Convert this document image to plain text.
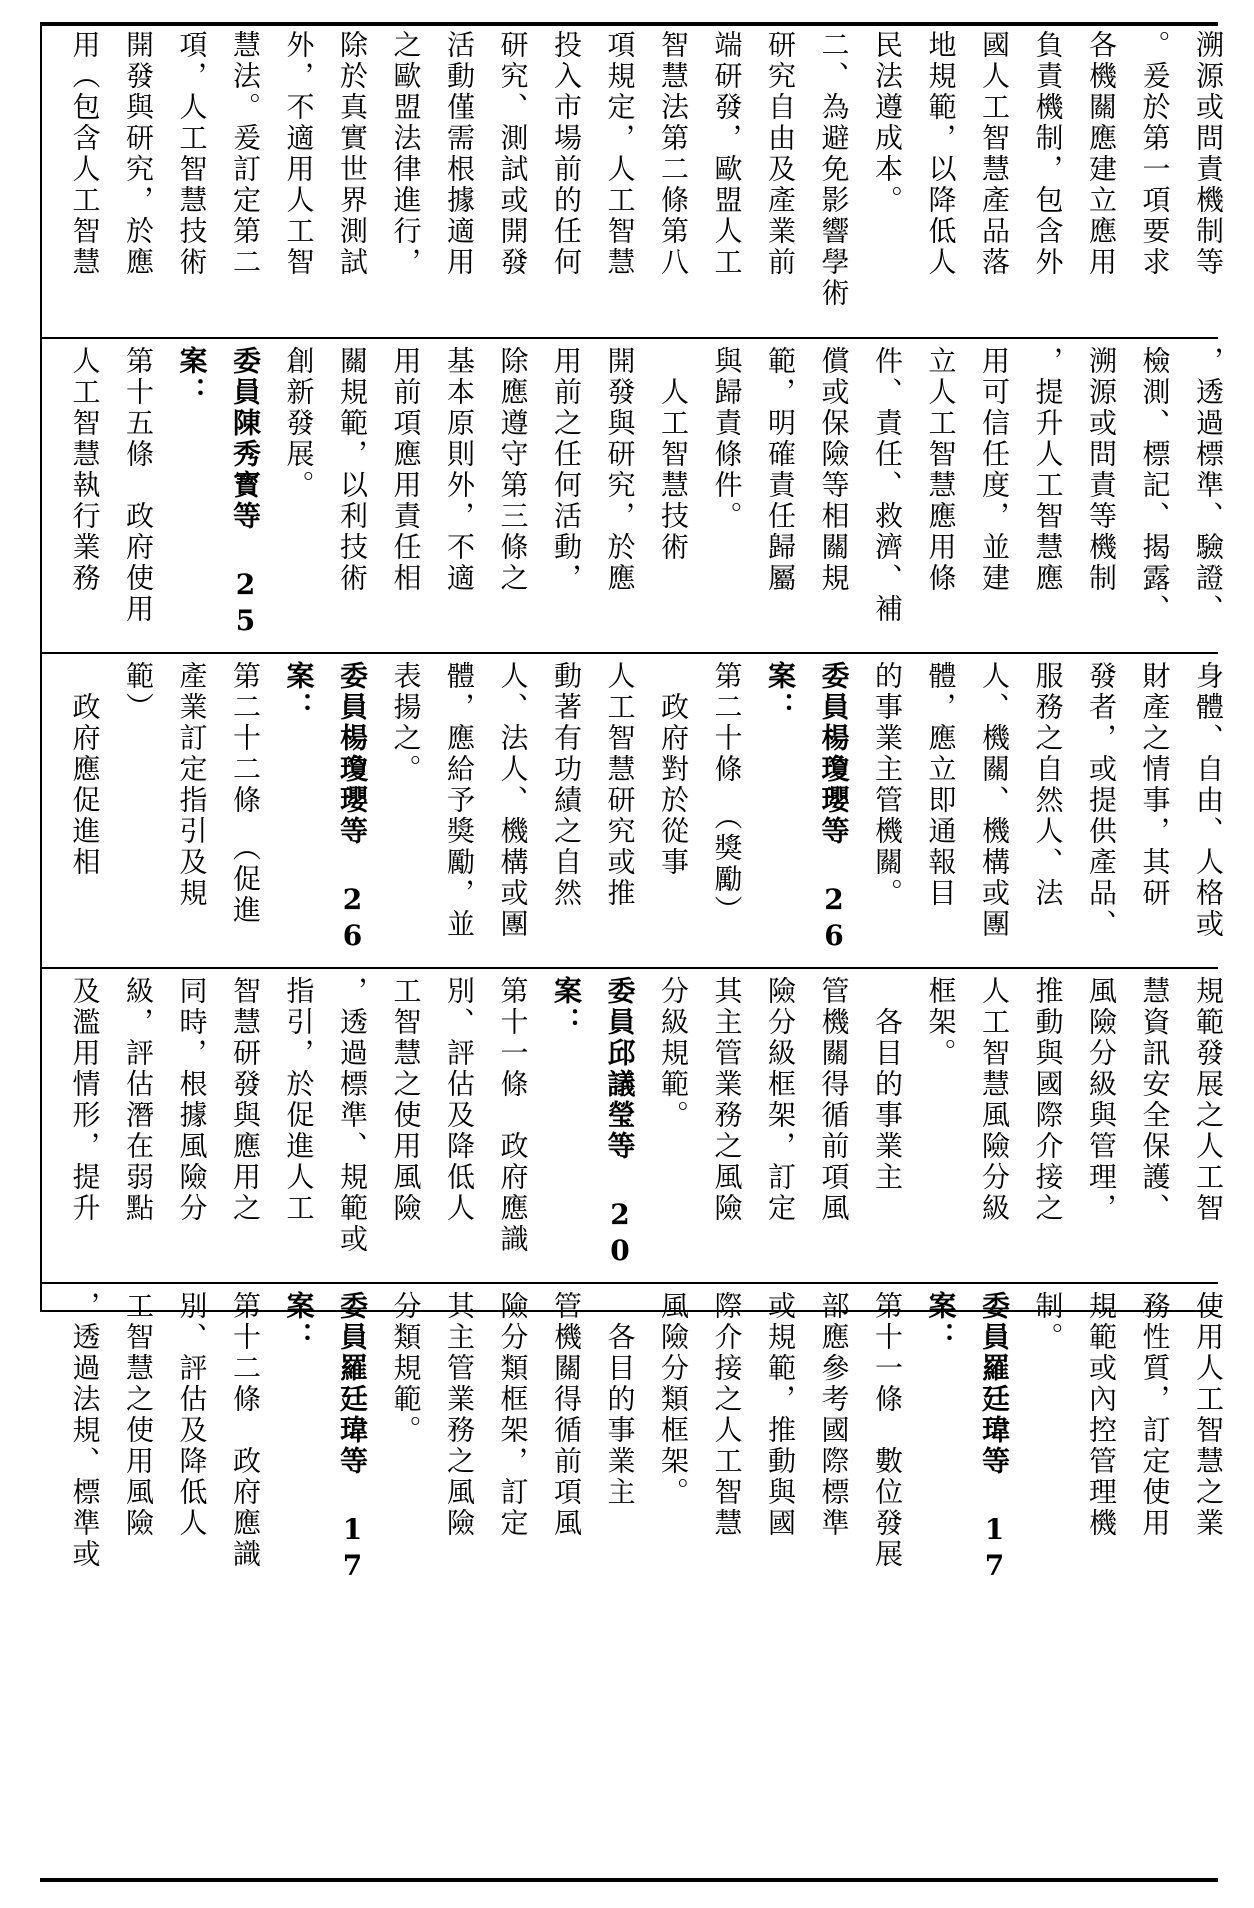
溯源或問責機制等
。爰於第一項要求
各機關應建立應用
負責機制，包含外
國人工智慧產品落
地規範，以降低人
民法遵成本。
二、為避免影響學術
研究自由及產業前
端研發，歐盟人工
智慧法第二條第八
項規定，人工智慧
投入市場前的任何
研究、測試或開發
活動僅需根據適用
之歐盟法律進行，
除於真實世界測試
外，不適用人工智
慧法。爰訂定第二
項，人工智慧技術
開發與研究，於應
用（包含人工智慧
，透過標準、驗證、
檢測、標記、揭露、
溯源或問責等機制
，提升人工智慧應
用可信任度，並建
立人工智慧應用條
件、責任、救濟、補
償或保險等相關規
範，明確責任歸屬
與歸責條件。
　人工智慧技術
開發與研究，於應
用前之任何活動，
除應遵守第三條之
基本原則外，不適
用前項應用責任相
關規範，以利技術
創新發展。
委員陳秀寳等 25
案：
第十五條　政府使用
人工智慧執行業務
身體、自由、人格或
財產之情事，其研
發者，或提供產品、
服務之自然人、法
人、機關、機構或團
體，應立即通報目
的事業主管機關。
委員楊瓊瓔等 26
案：
第二十條　（獎勵）
　政府對於從事
人工智慧研究或推
動著有功績之自然
人、法人、機構或團
體，應給予獎勵，並
表揚之。
委員楊瓊瓔等 26
案：
第二十二條　（促進
產業訂定指引及規
範）
　政府應促進相
規範發展之人工智
慧資訊安全保護、
風險分級與管理，
推動與國際介接之
人工智慧風險分級
框架。
　各目的事業主
管機關得循前項風
險分級框架，訂定
其主管業務之風險
分級規範。
委員邱議瑩等 20
案：
第十一條　政府應識
別、評估及降低人
工智慧之使用風險
，透過標準、規範或
指引，於促進人工
智慧研發與應用之
同時，根據風險分
級，評估潛在弱點
及濫用情形，提升
使用人工智慧之業
務性質，訂定使用
規範或內控管理機
制。
委員羅廷瑋等 17
案：
第十一條　數位發展
部應參考國際標準
或規範，推動與國
際介接之人工智慧
風險分類框架。
　各目的事業主
管機關得循前項風
險分類框架，訂定
其主管業務之風險
分類規範。
委員羅廷瑋等 17
案：
第十二條　政府應識
別、評估及降低人
工智慧之使用風險
，透過法規、標準或
